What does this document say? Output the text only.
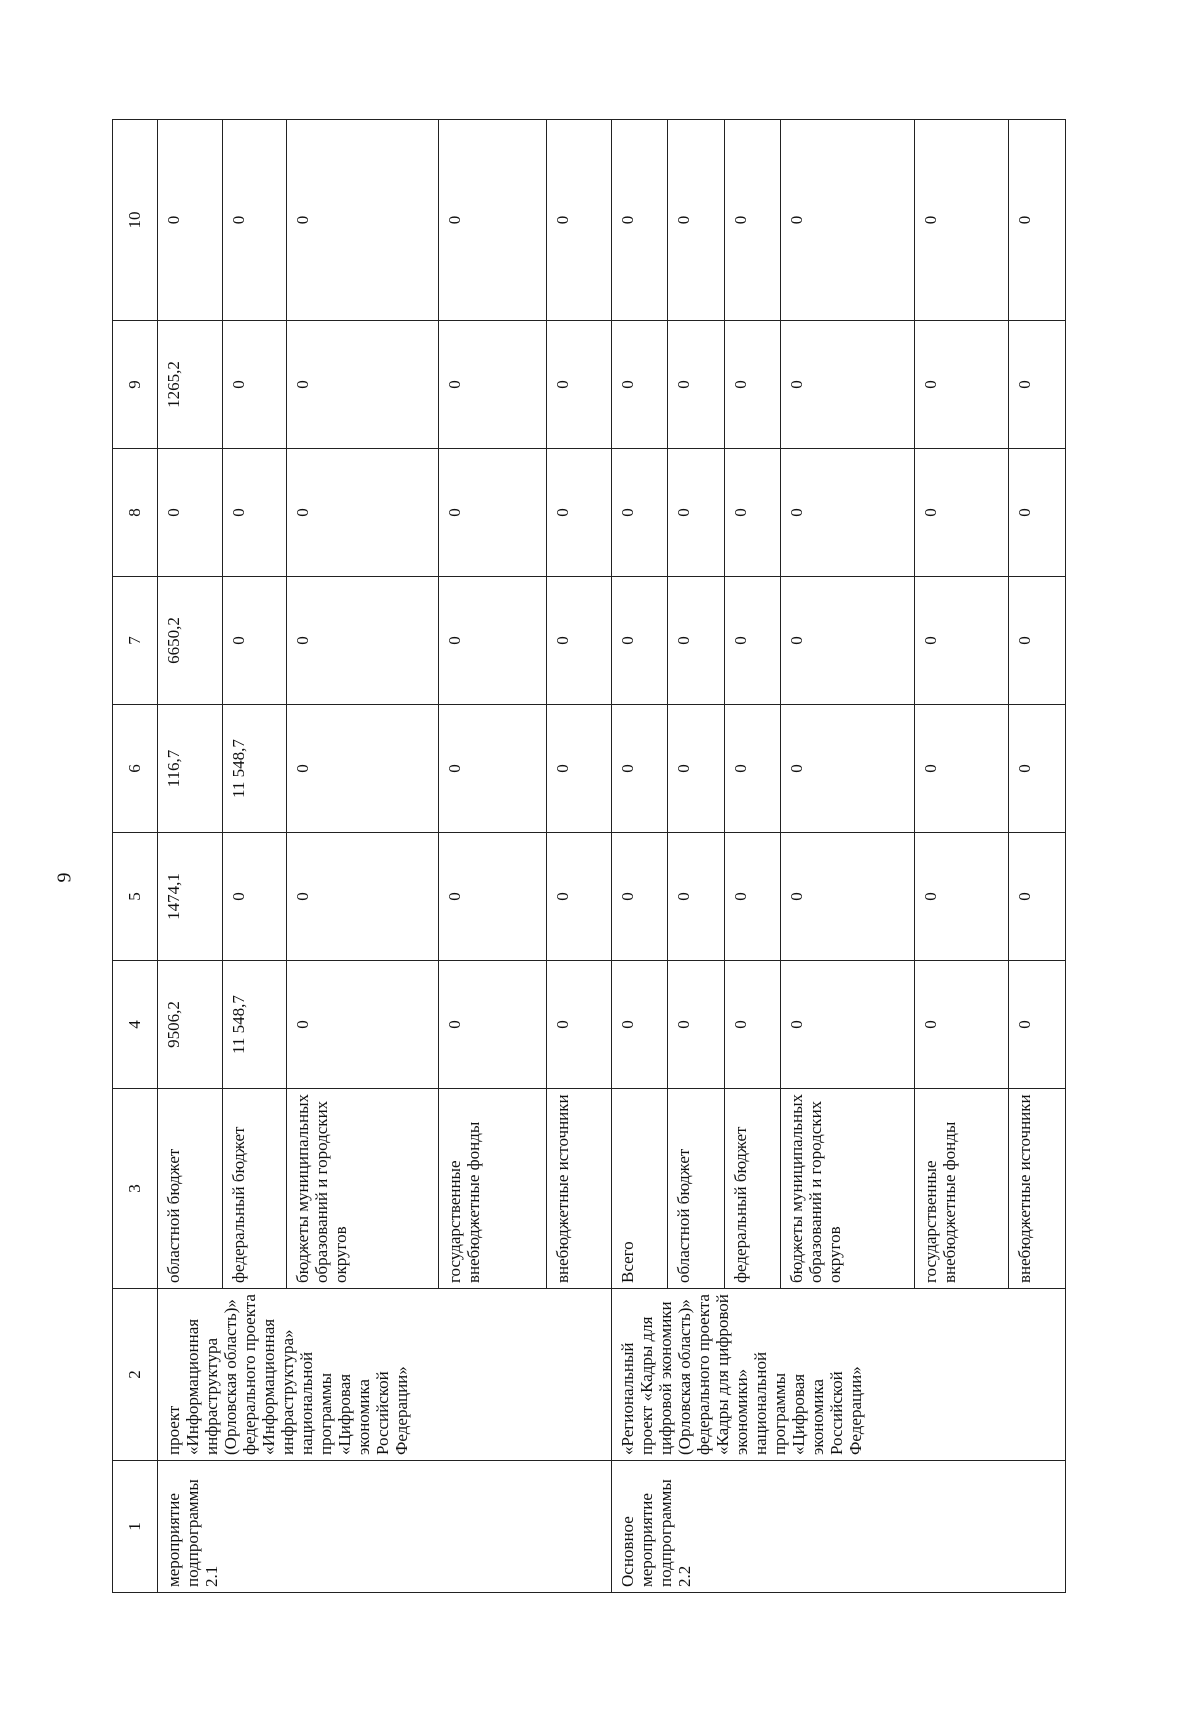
9
1	2	3	4	5	6	7	8	9	10
мероприятие подпрограммы 2.1	проект «Информационная инфраструктура (Орловская область)» федерального проекта «Информационная инфраструктура» национальной программы «Цифровая экономика Российской Федерации»	областной бюджет	9506,2	1474,1	116,7	6650,2	0	1265,2	0
		федеральный бюджет	11 548,7	0	11 548,7	0	0	0	0
		бюджеты муниципальных образований и городских округов	0	0	0	0	0	0	0
		государственные внебюджетные фонды	0	0	0	0	0	0	0
		внебюджетные источники	0	0	0	0	0	0	0
Основное мероприятие подпрограммы 2.2	«Региональный проект «Кадры для цифровой экономики (Орловская область)» федерального проекта «Кадры для цифровой экономики» национальной программы «Цифровая экономика Российской Федерации»	Всего	0	0	0	0	0	0	0
		областной бюджет	0	0	0	0	0	0	0
		федеральный бюджет	0	0	0	0	0	0	0
		бюджеты муниципальных образований и городских округов	0	0	0	0	0	0	0
		государственные внебюджетные фонды	0	0	0	0	0	0	0
		внебюджетные источники	0	0	0	0	0	0	0
